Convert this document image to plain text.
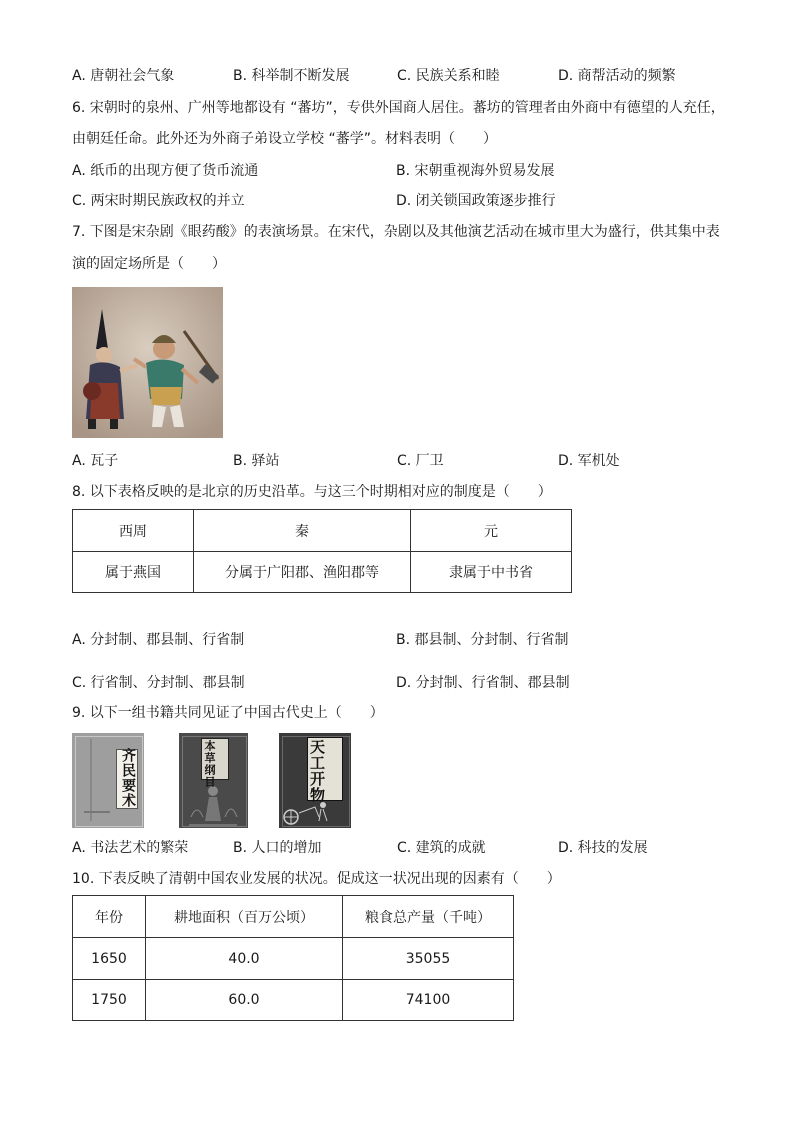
A. 唐朝社会气象	B. 科举制不断发展	C. 民族关系和睦	D. 商帮活动的频繁
6. 宋朝时的泉州、广州等地都设有 “蕃坊”，专供外国商人居住。蕃坊的管理者由外商中有德望的人充任，
由朝廷任命。此外还为外商子弟设立学校 “蕃学”。材料表明（　　）
A. 纸币的出现方便了货币流通	B. 宋朝重视海外贸易发展
C. 两宋时期民族政权的并立	D. 闭关锁国政策逐步推行
7. 下图是宋杂剧《眼药酸》的表演场景。在宋代，杂剧以及其他演艺活动在城市里大为盛行，供其集中表
演的固定场所是（　　）
A. 瓦子	B. 驿站	C. 厂卫	D. 军机处
8. 以下表格反映的是北京的历史沿革。与这三个时期相对应的制度是（　　）
西周	秦	元
属于燕国	分属于广阳郡、渔阳郡等	隶属于中书省
A. 分封制、郡县制、行省制	B. 郡县制、分封制、行省制
C. 行省制、分封制、郡县制	D. 分封制、行省制、郡县制
9. 以下一组书籍共同见证了中国古代史上（　　）
齐民要术	本草纲目	天工开物
A. 书法艺术的繁荣	B. 人口的增加	C. 建筑的成就	D. 科技的发展
10. 下表反映了清朝中国农业发展的状况。促成这一状况出现的因素有（　　）
年份	耕地面积（百万公顷）	粮食总产量（千吨）
1650	40.0	35055
1750	60.0	74100
